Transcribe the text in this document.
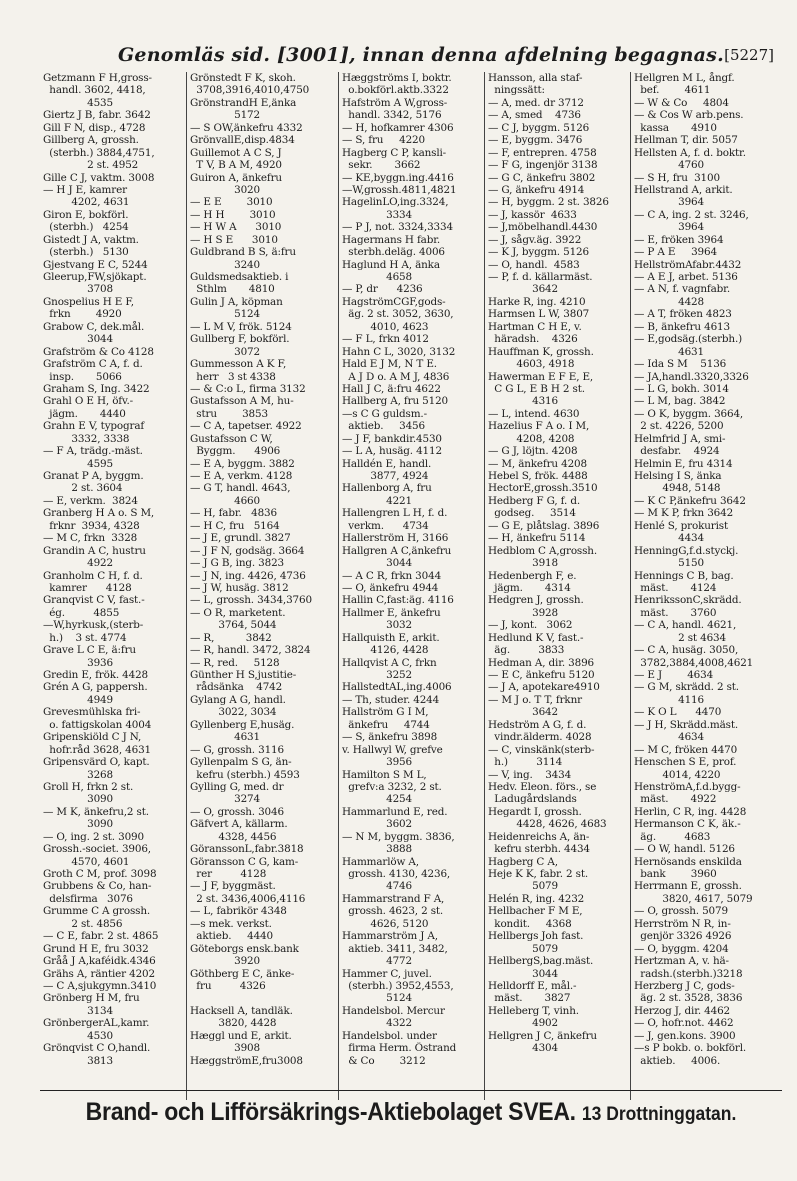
Genomläs sid. [3001], innan denna afdelning begagnas. [5227]
Getzmann F H,gross-
handl. 3602, 4418,
4535
Giertz J B, fabr. 3642
Gill F N, disp., 4728
Gillberg A, grossh.
(sterbh.) 3884,4751,
2 st. 4952
Gille C J, vaktm. 3008
— H J E, kamrer
4202, 4631
Giron E, bokförl.
(sterbh.)   4254
Gistedt J A, vaktm.
(sterbh.)   5130
Gjestvang E C, 5244
Gleerup,FW,sjökapt.
3708
Gnospelius H E F,
frkn        4920
Grabow C, dek.mål.
3044
Grafström & Co 4128
Grafström C A, f. d.
insp.       5066
Graham S, Ing. 3422
Grahl O E H, öfv.-
jägm.       4440
Grahn E V, typograf
3332, 3338
— F A, trädg.-mäst.
4595
Granat P A, byggm.
2 st. 3604
— E, verkm.  3824
Granberg H A o. S M,
frknr  3934, 4328
— M C, frkn  3328
Grandin A C, hustru
4922
Granholm C H, f. d.
kamrer      4128
Granqvist C V, fast.-
ég.         4855
—W,hyrkusk,(sterb-
h.)    3 st. 4774
Grave L C E, ä:fru
3936
Gredin E, frök. 4428
Grén A G, pappersh.
4949
Grevesmühlska fri-
o. fattigskolan 4004
Gripenskiöld C J N,
hofr.råd 3628, 4631
Gripensvärd O, kapt.
3268
Groll H, frkn 2 st.
3090
— M K, änkefru,2 st.
3090
— O, ing. 2 st. 3090
Grossh.-societ. 3906,
4570, 4601
Groth C M, prof. 3098
Grubbens & Co, han-
delsfirma   3076
Grumme C A grossh.
2 st. 4856
— C E, fabr. 2 st. 4865
Grund H E, fru 3032
Gråå J A,kaféidk.4346
Grähs A, räntier 4202
— C A,sjukgymn.3410
Grönberg H M, fru
3134
GrönbergerAL,kamr.
4530
Grönqvist C O,handl.
3813
Grönstedt F K, skoh.
3708,3916,4010,4750
GrönstrandH E,änka
5172
— S OW,änkefru 4332
GrönvallE,disp.4834
Guillemot A C S, J
T V, B A M, 4920
Guiron A, änkefru
3020
— E E        3010
— H H        3010
— H W A      3010
— H S E      3010
Guldbrand B S, ä:fru
3240
Guldsmedsaktieb. i
Sthlm       4810
Gulin J A, köpman
5124
— L M V, frök. 5124
Gullberg F, bokförl.
3072
Gummesson A K F,
herr   3 st 4338
— & C:o L, firma 3132
Gustafsson A M, hu-
stru        3853
— C A, tapetser. 4922
Gustafsson C W,
Byggm.      4906
— E A, byggm. 3882
— E A, verkm. 4128
— G T, handl. 4643,
4660
— H, fabr.   4836
— H C, fru   5164
— J E, grundl. 3827
— J F N, godsäg. 3664
— J G B, ing. 3823
— J N, ing. 4426, 4736
— J W, husäg. 3812
— L, grossh. 3434,3760
— O R, marketent.
3764, 5044
— R,          3842
— R, handl. 3472, 3824
— R, red.     5128
Günther H S,justitie-
rådsänka    4742
Gylang A G, handl.
3022, 3034
Gyllenberg E,husäg.
4631
— G, grossh. 3116
Gyllenpalm S G, än-
kefru (sterbh.) 4593
Gylling G, med. dr
3274
— O, grossh. 3046
Gäfvert A, källarm.
4328, 4456
GöranssonL,fabr.3818
Göransson C G, kam-
rer         4128
— J F, byggmäst.
2 st. 3436,4006,4116
— L, fabrikör 4348
—s mek. verkst.
aktieb.     4440
Göteborgs ensk.bank
3920
Göthberg E C, änke-
fru         4326
Hacksell A, tandläk.
3820, 4428
Hæggl und E, arkit.
3908
HæggströmE,fru3008
Hæggströms I, boktr.
o.bokförl.aktb.3322
Hafström A W,gross-
handl. 3342, 5176
— H, hofkamrer 4306
— S, fru     4220
Hagberg C P, kansli-
sekr.       3662
— KE,byggn.ing.4416
—W,grossh.4811,4821
HagelinLO,ing.3324,
3334
— P J, not. 3324,3334
Hagermans H fabr.
sterbh.deläg. 4006
Haglund H A, änka
4658
— P, dr      4236
HagströmCGF,gods-
äg. 2 st. 3052, 3630,
4010, 4623
— F L, frkn 4012
Hahn C L, 3020, 3132
Hald E J M, N T E.
A J D o. A M J, 4836
Hall J C, ä:fru 4622
Hallberg A, fru 5120
—s C G guldsm.-
aktieb.     3456
— J F, bankdir.4530
— L A, husäg. 4112
Halldén E, handl.
3877, 4924
Hallenborg A, fru
4221
Hallengren L H, f. d.
verkm.      4734
Hallerström H, 3166
Hallgren A C,änkefru
3044
— A C R, frkn 3044
— O, änkefru 4944
Hallin C,fast:äg. 4116
Hallmer E, änkefru
3032
Hallquisth E, arkit.
4126, 4428
Hallqvist A C, frkn
3252
HallstedtAL,ing.4006
— Th, studer. 4244
Hallström G I M,
änkefru     4744
— S, änkefru 3898
v. Hallwyl W, grefve
3956
Hamilton S M L,
grefv:a 3232, 2 st.
4254
Hammarlund E, red.
3602
— N M, byggm. 3836,
3888
Hammarlöw A,
grossh. 4130, 4236,
4746
Hammarstrand F A,
grossh. 4623, 2 st.
4626, 5120
Hammarström J A,
aktieb. 3411, 3482,
4772
Hammer C, juvel.
(sterbh.) 3952,4553,
5124
Handelsbol. Mercur
4322
Handelsbol. under
firma Herm. Östrand
& Co        3212
Hansson, alla staf-
ningssätt:
— A, med. dr 3712
— A, smed    4736
— C J, byggm. 5126
— E, byggm. 3476
— F, entrepren. 4758
— F G, ingenjör 3138
— G C, änkefru 3802
— G, änkefru 4914
— H, byggm. 2 st. 3826
— J, kassör  4633
— J,möbelhandl.4430
— J, sågv.äg. 3922
— K J, byggm. 5126
— O, handl.  4583
— P, f. d. källarmäst.
3642
Harke R, ing. 4210
Harmsen L W, 3807
Hartman C H E, v.
häradsh.    4326
Hauffman K, grossh.
4603, 4918
Hawerman E F E, E,
C G L, E B H 2 st.
4316
— L, intend. 4630
Hazelius F A o. I M,
4208, 4208
— G J, löjtn. 4208
— M, änkefru 4208
Hebel S, frök. 4488
HectorE,grossh.3510
Hedberg F G, f. d.
godseg.     3514
— G E, plåtslag. 3896
— H, änkefru 5114
Hedblom C A,grossh.
3918
Hedenbergh F, e.
jägm.       4314
Hedgren J, grossh.
3928
— J, kont.   3062
Hedlund K V, fast.-
äg.         3833
Hedman A, dir. 3896
— E C, änkefru 5120
— J A, apotekare4910
— M J o. T T, frknr
3642
Hedström A G, f. d.
vindr.älderm. 4028
— C, vinskänk(sterb-
h.)         3114
— V, ing.    3434
Hedv. Eleon. förs., se
Ladugårdslands
Hegardt I, grossh.
4428, 4626, 4683
Heidenreichs A, än-
kefru sterbh. 4434
Hagberg C A,
Heje K K, fabr. 2 st.
5079
Helén R, ing. 4232
Hellbacher F M E,
kondit.     4368
Hellbergs Joh fast.
5079
HellbergS,bag.mäst.
3044
Helldorff E, mål.-
mäst.       3827
Helleberg T, vinh.
4902
Hellgren J C, änkefru
4304
Hellgren M L, ångf.
bef.        4611
— W & Co     4804
— & Cos W arb.pens.
kassa       4910
Hellman T, dir. 5057
Hellsten A, f. d. boktr.
4760
— S H, fru  3100
Hellstrand A, arkit.
3964
— C A, ing. 2 st. 3246,
3964
— E, fröken 3964
— P A E     3964
HellströmAfabr.4432
— A E J, arbet. 5136
— A N, f. vagnfabr.
4428
— A T, fröken 4823
— B, änkefru 4613
— E,godsäg.(sterbh.)
4631
— Ida S M    5136
— JA,handl.3320,3326
— L G, bokh. 3014
— L M, bag. 3842
— O K, byggm. 3664,
2 st. 4226, 5200
Helmfrid J A, smi-
desfabr.    4924
Helmin E, fru 4314
Helsing I S, änka
4948, 5148
— K C P,änkefru 3642
— M K P, frkn 3642
Henlé S, prokurist
4434
HenningG,f.d.styckj.
5150
Hennings C B, bag.
mäst.       4124
HenrikssonC,skrädd.
mäst.       3760
— C A, handl. 4621,
2 st 4634
— C A, husäg. 3050,
3782,3884,4008,4621
— E J        4634
— G M, skrädd. 2 st.
4116
— K O L      4470
— J H, Skrädd.mäst.
4634
— M C, fröken 4470
Henschen S E, prof.
4014, 4220
HenströmA,f.d.bygg-
mäst.       4922
Herlin, C R, ing. 4428
Hermanson C K, äk.-
äg.         4683
— O W, handl. 5126
Hernösands enskilda
bank        3960
Herrmann E, grossh.
3820, 4617, 5079
— O, grossh. 5079
Herrström N R, in-
genjör 3326 4926
— O, byggm. 4204
Hertzman A, v. hä-
radsh.(sterbh.)3218
Herzberg J C, gods-
äg. 2 st. 3528, 3836
Herzog J, dir. 4462
— O, hofr.not. 4462
— J, gen.kons. 3900
—s P bokb. o. bokförl.
aktieb.     4006.
Brand- och Lifförsäkrings-Aktiebolaget SVEA. 13 Drottninggatan.
